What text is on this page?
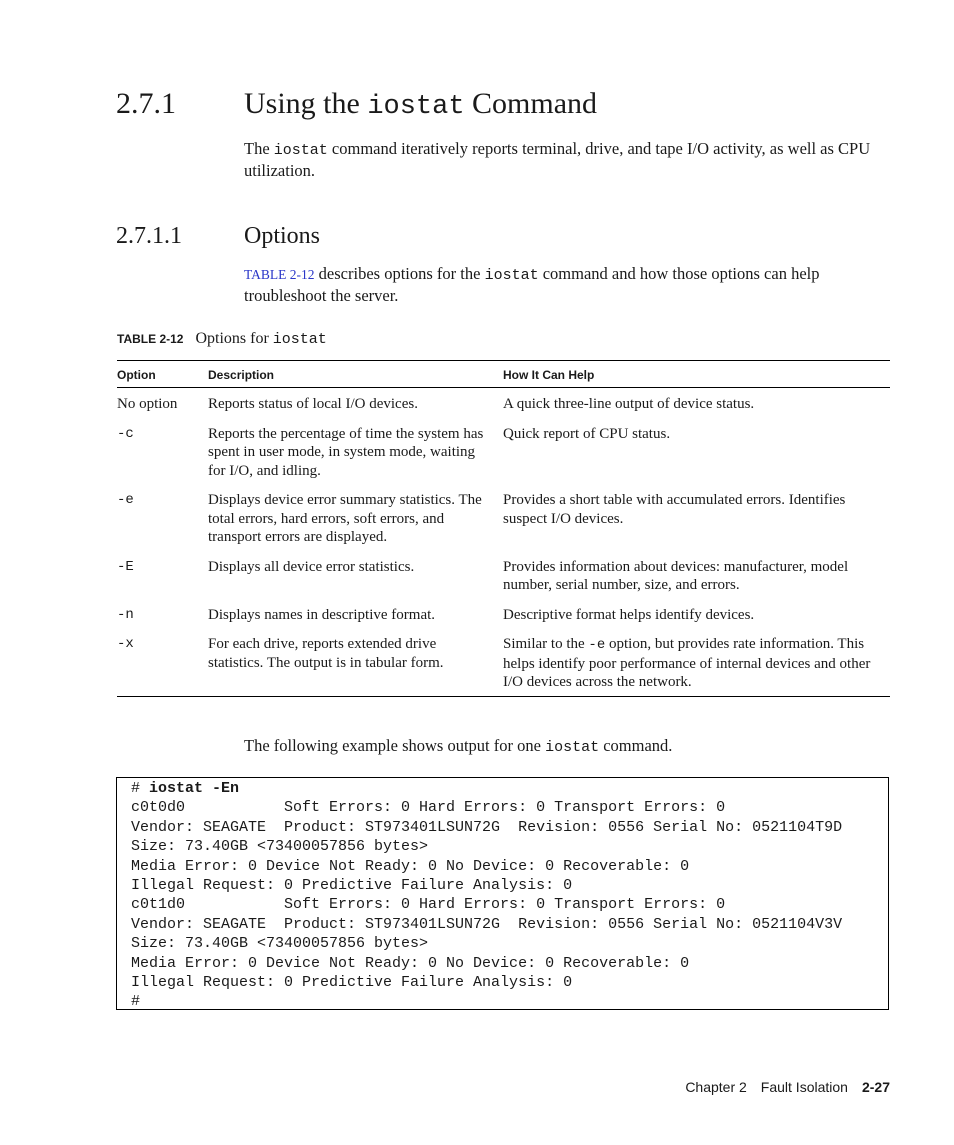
2.7.1 Using the iostat Command
The iostat command iteratively reports terminal, drive, and tape I/O activity, as well as CPU utilization.
2.7.1.1	Options
TABLE 2-12 describes options for the iostat command and how those options can help troubleshoot the server.
TABLE 2-12 Options for iostat
Option	Description	How It Can Help
No option	Reports status of local I/O devices.	A quick three-line output of device status.
-c	Reports the percentage of time the system has spent in user mode, in system mode, waiting for I/O, and idling.	Quick report of CPU status.
-e	Displays device error summary statistics. The total errors, hard errors, soft errors, and transport errors are displayed.	Provides a short table with accumulated errors. Identifies suspect I/O devices.
-E	Displays all device error statistics.	Provides information about devices: manufacturer, model number, serial number, size, and errors.
-n	Displays names in descriptive format.	Descriptive format helps identify devices.
-x	For each drive, reports extended drive statistics. The output is in tabular form.	Similar to the -e option, but provides rate information. This helps identify poor performance of internal devices and other I/O devices across the network.
The following example shows output for one iostat command.
# iostat -En
c0t0d0           Soft Errors: 0 Hard Errors: 0 Transport Errors: 0
Vendor: SEAGATE  Product: ST973401LSUN72G  Revision: 0556 Serial No: 0521104T9D
Size: 73.40GB <73400057856 bytes>
Media Error: 0 Device Not Ready: 0 No Device: 0 Recoverable: 0
Illegal Request: 0 Predictive Failure Analysis: 0
c0t1d0           Soft Errors: 0 Hard Errors: 0 Transport Errors: 0
Vendor: SEAGATE  Product: ST973401LSUN72G  Revision: 0556 Serial No: 0521104V3V
Size: 73.40GB <73400057856 bytes>
Media Error: 0 Device Not Ready: 0 No Device: 0 Recoverable: 0
Illegal Request: 0 Predictive Failure Analysis: 0
#
Chapter 2 Fault Isolation 2-27
